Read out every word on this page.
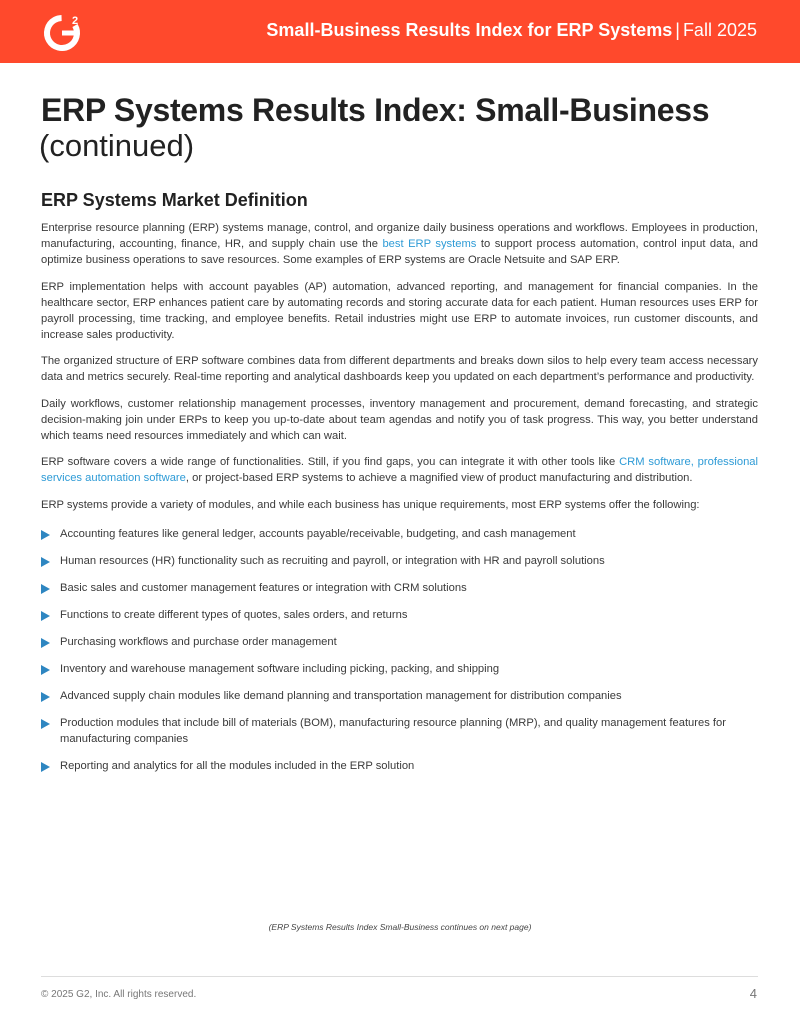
2	Small-Business Results Index for ERP Systems | Fall 2025
ERP Systems Results Index: Small-Business
(continued)
ERP Systems Market Definition

Enterprise resource planning (ERP) systems manage, control, and organize daily business operations and workflows. Employees in production, manufacturing, accounting, finance, HR, and supply chain use the best ERP systems to support process automation, control input data, and optimize business operations to save resources. Some examples of ERP systems are Oracle Netsuite and SAP ERP.

ERP implementation helps with account payables (AP) automation, advanced reporting, and management for financial companies. In the healthcare sector, ERP enhances patient care by automating records and storing accurate data for each patient. Human resources uses ERP for payroll processing, time tracking, and employee benefits. Retail industries might use ERP to automate invoices, run customer discounts, and increase sales productivity.

The organized structure of ERP software combines data from different departments and breaks down silos to help every team access necessary data and metrics securely. Real-time reporting and analytical dashboards keep you updated on each department’s performance and productivity.

Daily workflows, customer relationship management processes, inventory management and procurement, demand forecasting, and strategic decision-making join under ERPs to keep you up-to-date about team agendas and notify you of task progress. This way, you better understand which teams need resources immediately and which can wait.

ERP software covers a wide range of functionalities. Still, if you find gaps, you can integrate it with other tools like CRM software, professional services automation software, or project-based ERP systems to achieve a magnified view of product manufacturing and distribution.

ERP systems provide a variety of modules, and while each business has unique requirements, most ERP systems offer the following:

Accounting features like general ledger, accounts payable/receivable, budgeting, and cash management
Human resources (HR) functionality such as recruiting and payroll, or integration with HR and payroll solutions
Basic sales and customer management features or integration with CRM solutions
Functions to create different types of quotes, sales orders, and returns
Purchasing workflows and purchase order management
Inventory and warehouse management software including picking, packing, and shipping
Advanced supply chain modules like demand planning and transportation management for distribution companies
Production modules that include bill of materials (BOM), manufacturing resource planning (MRP), and quality management features for manufacturing companies
Reporting and analytics for all the modules included in the ERP solution
(ERP Systems Results Index Small-Business continues on next page)
© 2025 G2, Inc. All rights reserved.	4
